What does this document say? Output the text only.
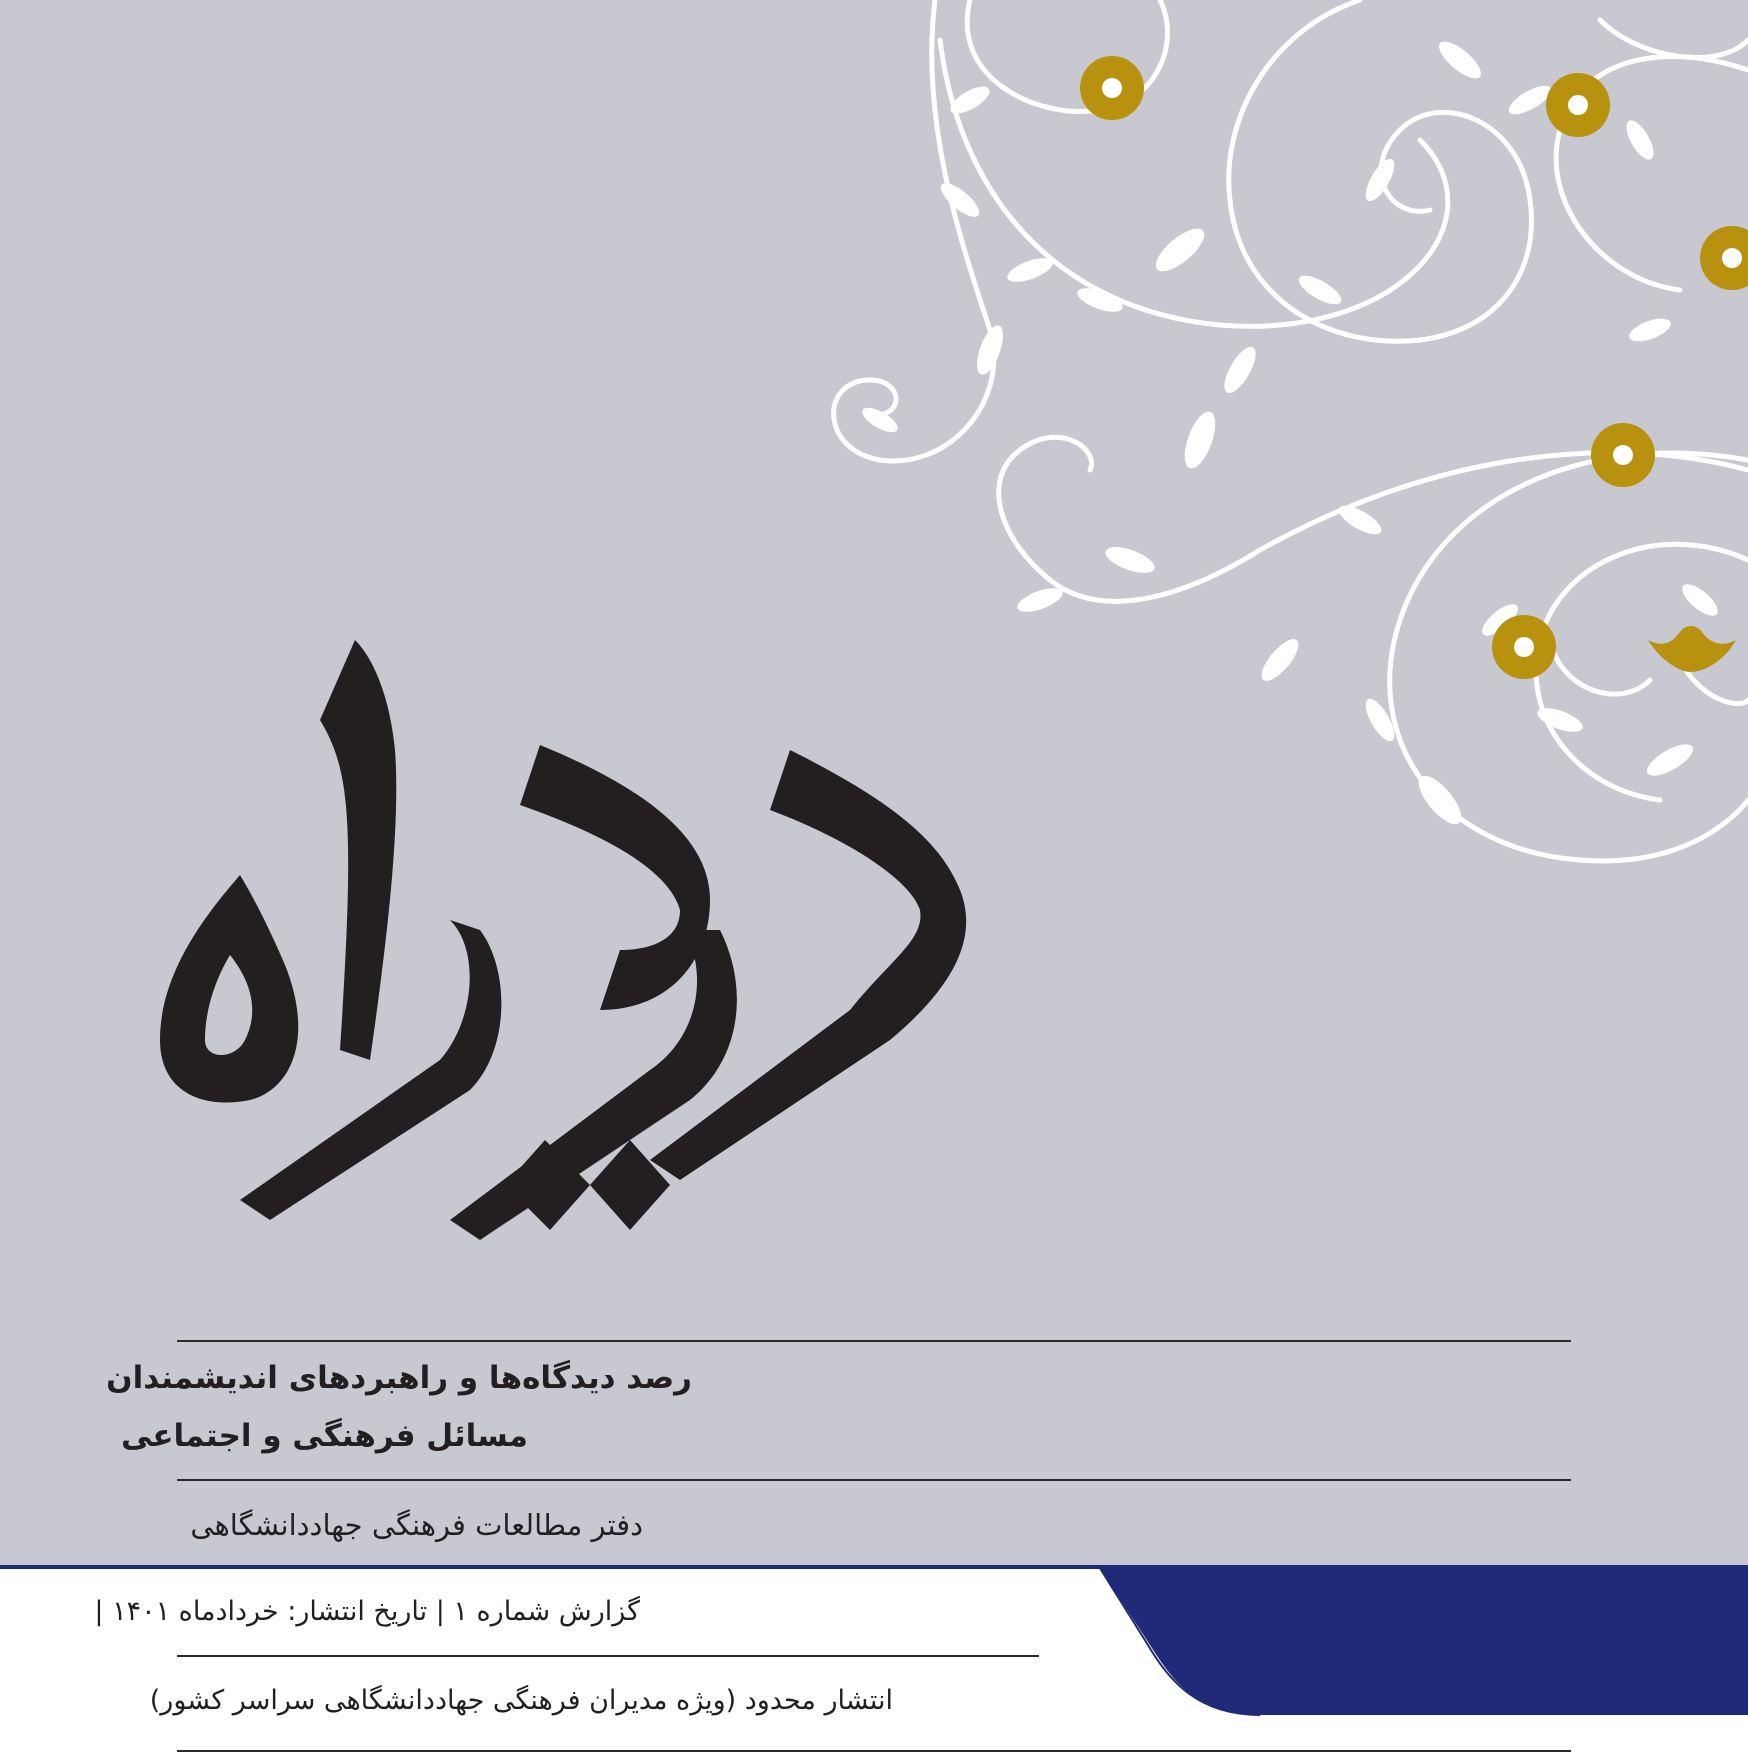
رصد دیدگاه‌ها و راهبردهای اندیشمندان
مسائل فرهنگی و اجتماعی
دفتر مطالعات فرهنگی جهاددانشگاهی
گزارش شماره ۱ | تاریخ انتشار: خردادماه ۱۴۰۱ |
انتشار محدود (ویژه مدیران فرهنگی جهاددانشگاهی سراسر کشور)
